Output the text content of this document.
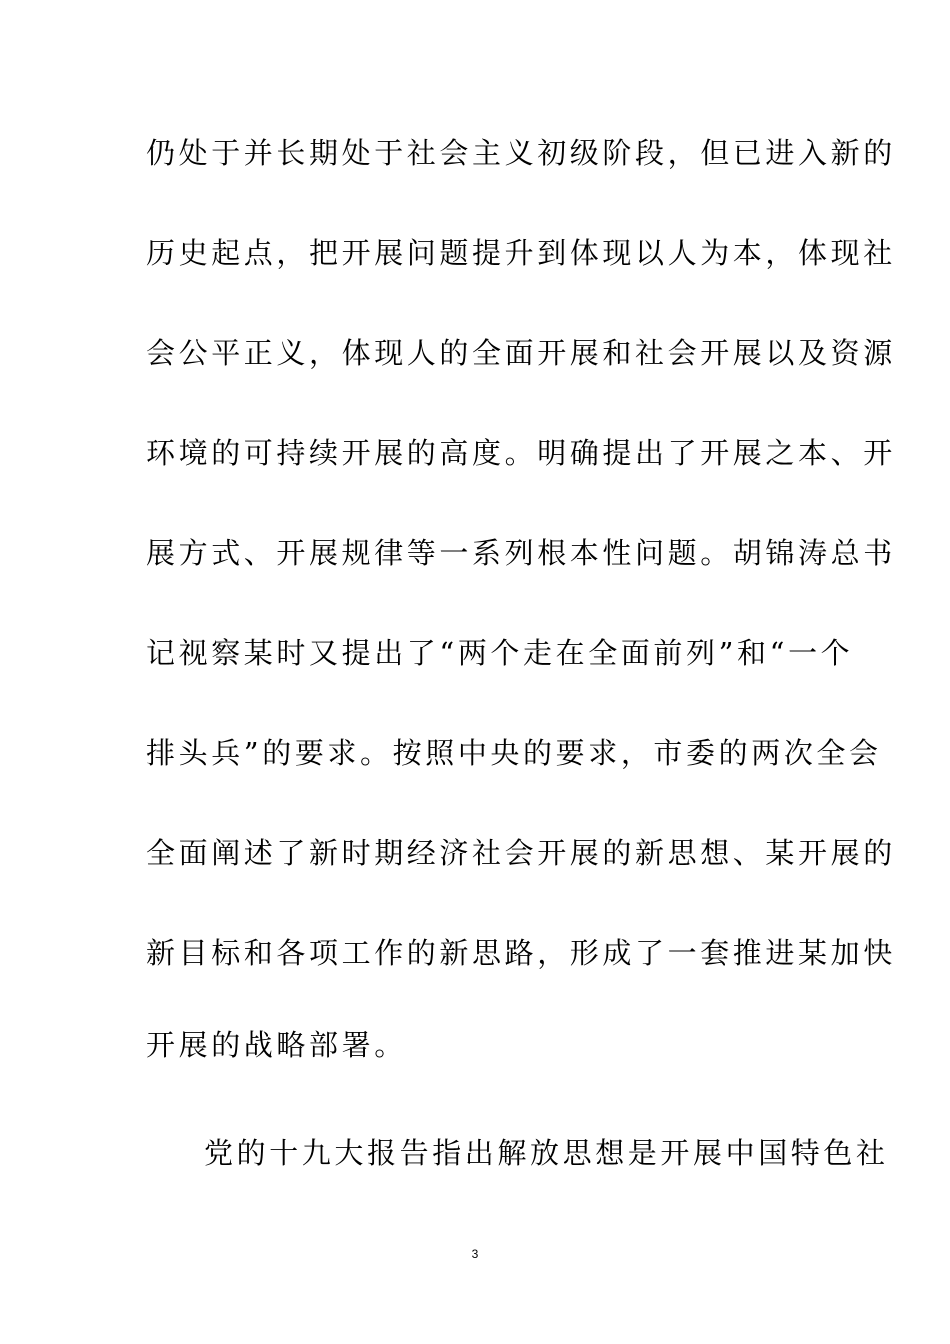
仍处于并长期处于社会主义初级阶段，但已进入新的
历史起点，把开展问题提升到体现以人为本，体现社
会公平正义，体现人的全面开展和社会开展以及资源
环境的可持续开展的高度。明确提出了开展之本、开
展方式、开展规律等一系列根本性问题。胡锦涛总书
记视察某时又提出了“两个走在全面前列”和“一个
排头兵”的要求。按照中央的要求，市委的两次全会
全面阐述了新时期经济社会开展的新思想、某开展的
新目标和各项工作的新思路，形成了一套推进某加快
开展的战略部署。
党的十九大报告指出解放思想是开展中国特色社
3
